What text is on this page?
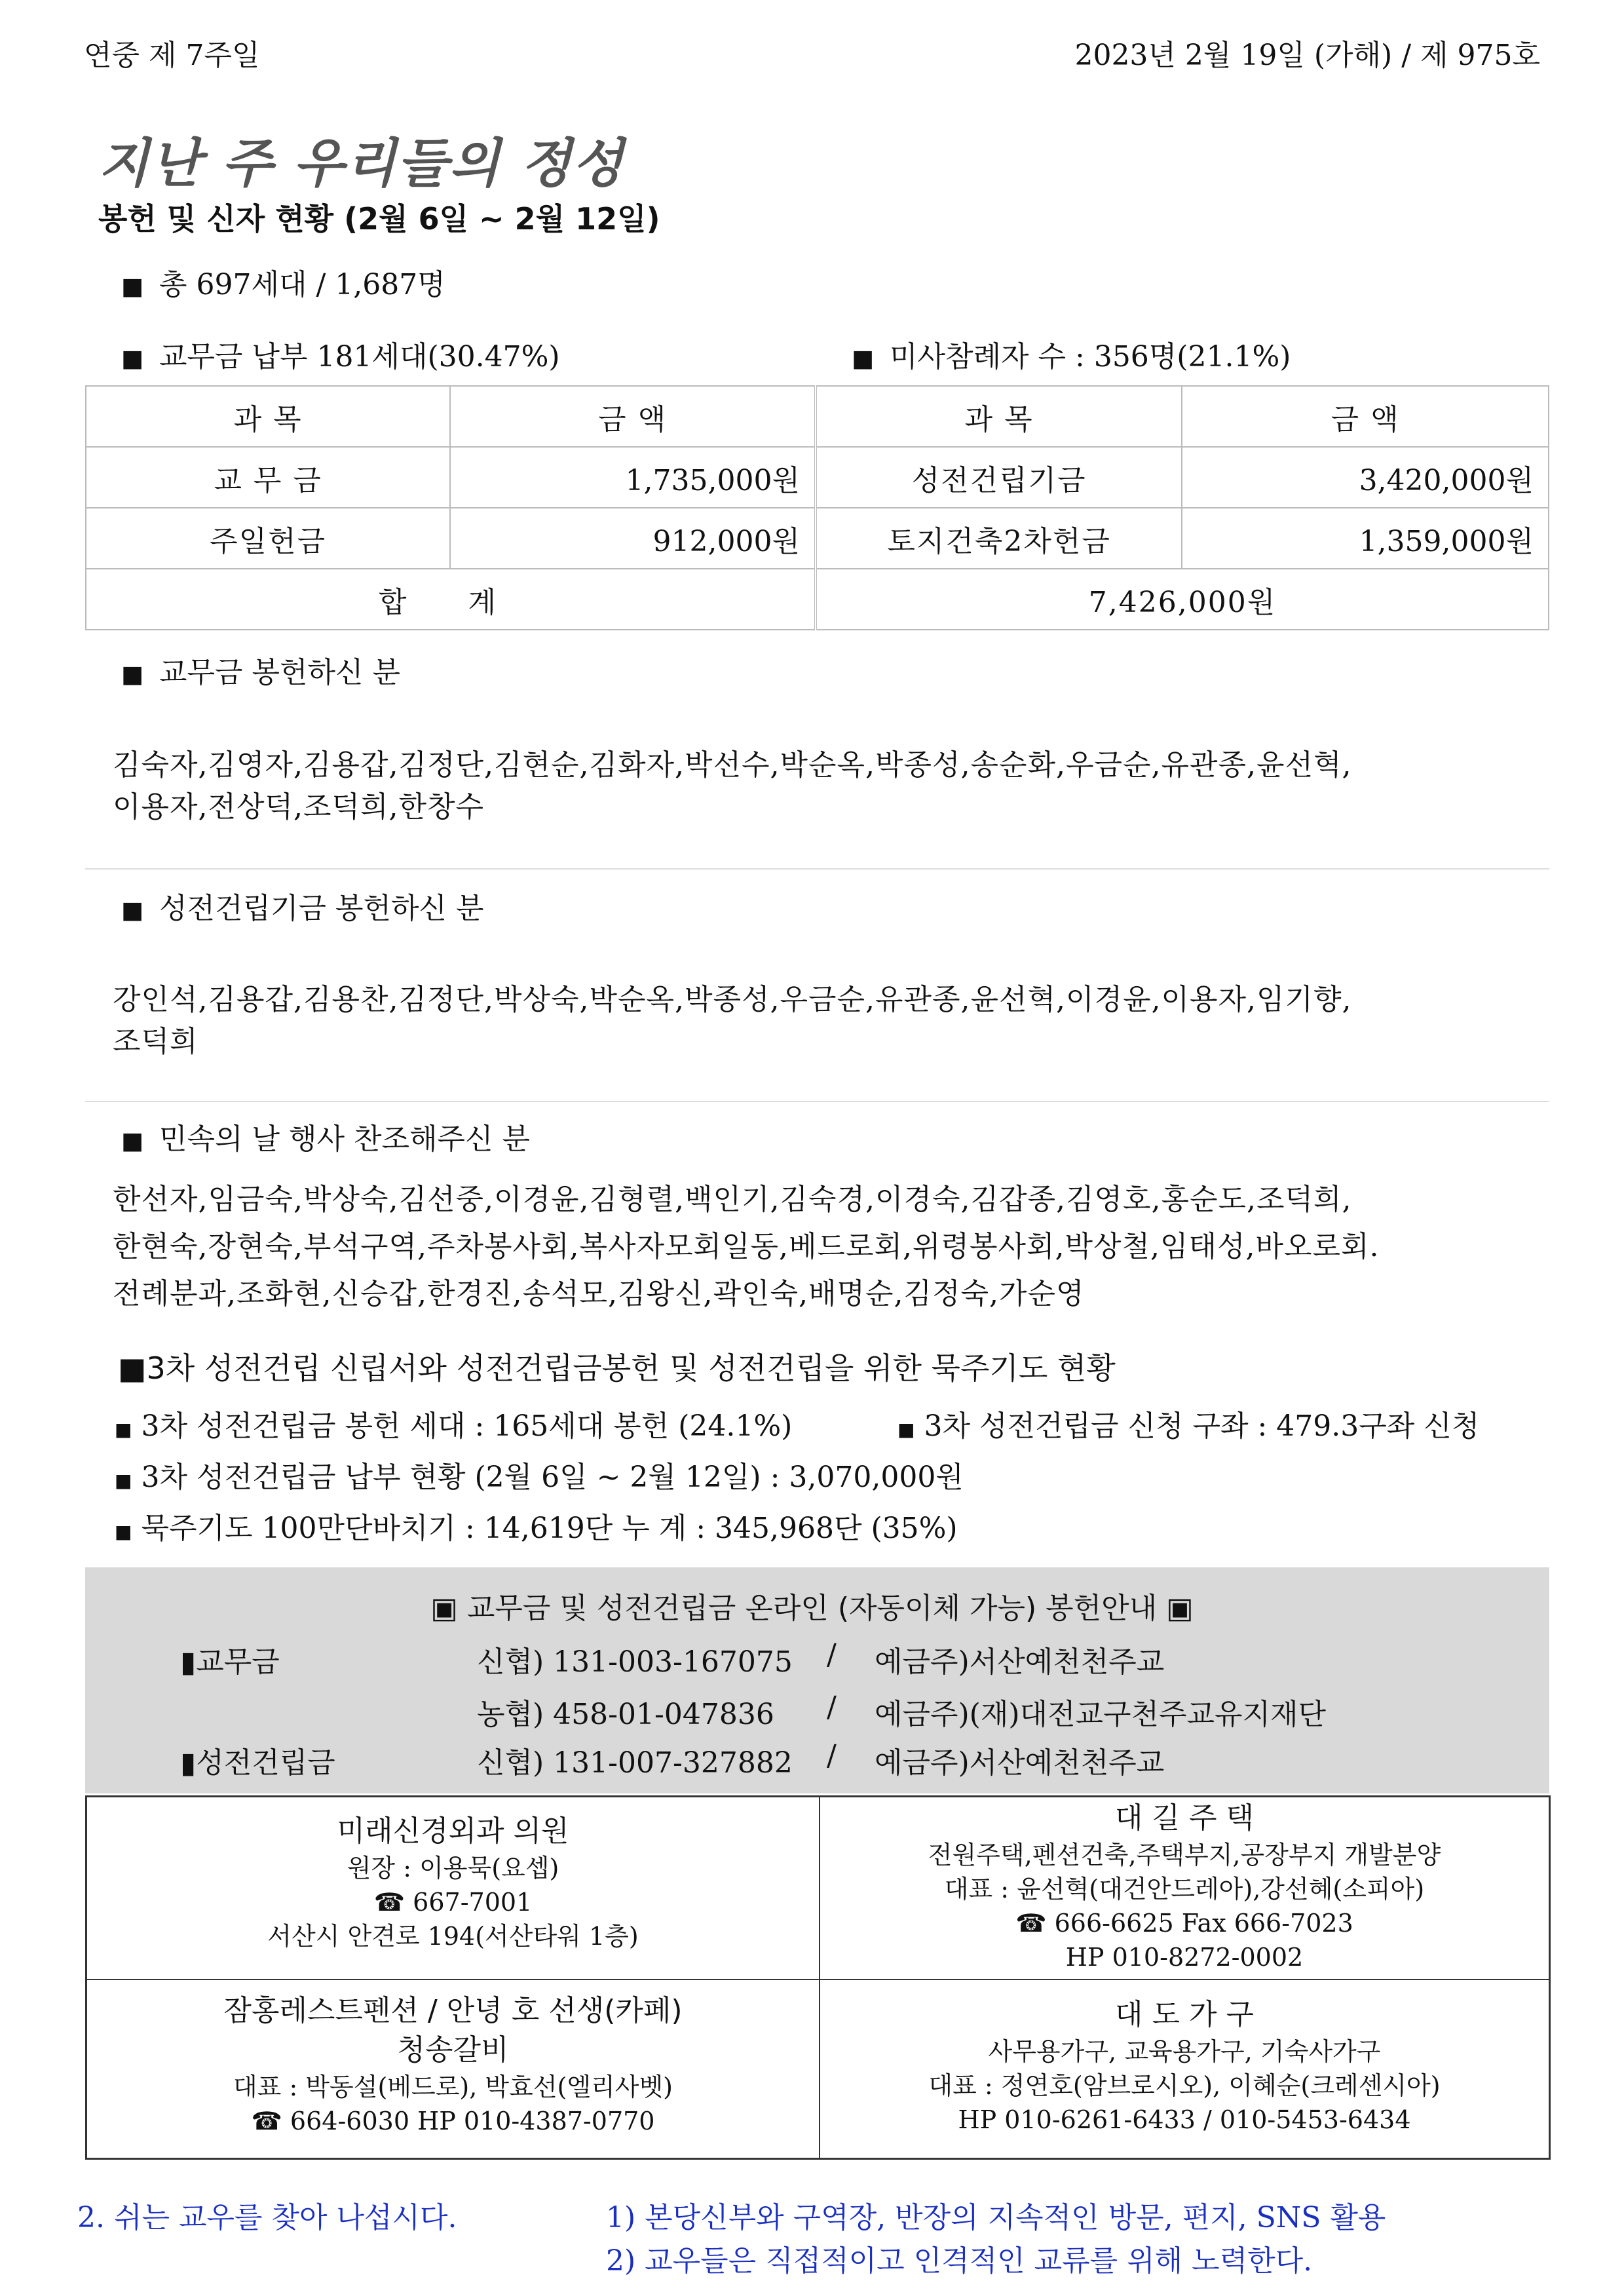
연중 제 7주일	2023년 2월 19일 (가해) / 제 975호
지난 주 우리들의 정성
봉헌 및 신자 현황 (2월 6일 ~ 2월 12일)
■ 총 697세대 / 1,687명
■ 교무금 납부 181세대(30.47%)	■ 미사참례자 수 : 356명(21.1%)
과 목	금 액	과 목	금 액
교 무 금	1,735,000원	성전건립기금	3,420,000원
주일헌금	912,000원	토지건축2차헌금	1,359,000원
합 계		7,426,000원	
■ 교무금 봉헌하신 분
김숙자,김영자,김용갑,김정단,김현순,김화자,박선수,박순옥,박종성,송순화,우금순,유관종,윤선혁,
이용자,전상덕,조덕희,한창수
■ 성전건립기금 봉헌하신 분
강인석,김용갑,김용찬,김정단,박상숙,박순옥,박종성,우금순,유관종,윤선혁,이경윤,이용자,임기향,
조덕희
■ 민속의 날 행사 찬조해주신 분
한선자,임금숙,박상숙,김선중,이경윤,김형렬,백인기,김숙경,이경숙,김갑종,김영호,홍순도,조덕희,
한현숙,장현숙,부석구역,주차봉사회,복사자모회일동,베드로회,위령봉사회,박상철,임태성,바오로회.
전례분과,조화현,신승갑,한경진,송석모,김왕신,곽인숙,배명순,김정숙,가순영
■3차 성전건립 신립서와 성전건립금봉헌 및 성전건립을 위한 묵주기도 현황
■ 3차 성전건립금 봉헌 세대 : 165세대 봉헌 (24.1%)	■ 3차 성전건립금 신청 구좌 : 479.3구좌 신청
■ 3차 성전건립금 납부 현황 (2월 6일 ~ 2월 12일) : 3,070,000원
■ 묵주기도 100만단바치기 : 14,619단 누 계 : 345,968단 (35%)
▣ 교무금 및 성전건립금 온라인 (자동이체 가능) 봉헌안내 ▣
▮교무금	신협) 131-003-167075 / 예금주)서산예천천주교
농협) 458-01-047836 / 예금주)(재)대전교구천주교유지재단
▮성전건립금	신협) 131-007-327882 / 예금주)서산예천천주교
미래신경외과 의원
원장 : 이용묵(요셉)
☎ 667-7001
서산시 안견로 194(서산타워 1층)
대 길 주 택
전원주택,펜션건축,주택부지,공장부지 개발분양
대표 : 윤선혁(대건안드레아),강선혜(소피아)
☎ 666-6625 Fax 666-7023
HP 010-8272-0002
잠홍레스트펜션 / 안녕 호 선생(카페)
청송갈비
대표 : 박동설(베드로), 박효선(엘리사벳)
☎ 664-6030 HP 010-4387-0770
대 도 가 구
사무용가구, 교육용가구, 기숙사가구
대표 : 정연호(암브로시오), 이혜순(크레센시아)
HP 010-6261-6433 / 010-5453-6434
2. 쉬는 교우를 찾아 나섭시다.	1) 본당신부와 구역장, 반장의 지속적인 방문, 편지, SNS 활용
2) 교우들은 직접적이고 인격적인 교류를 위해 노력한다.
